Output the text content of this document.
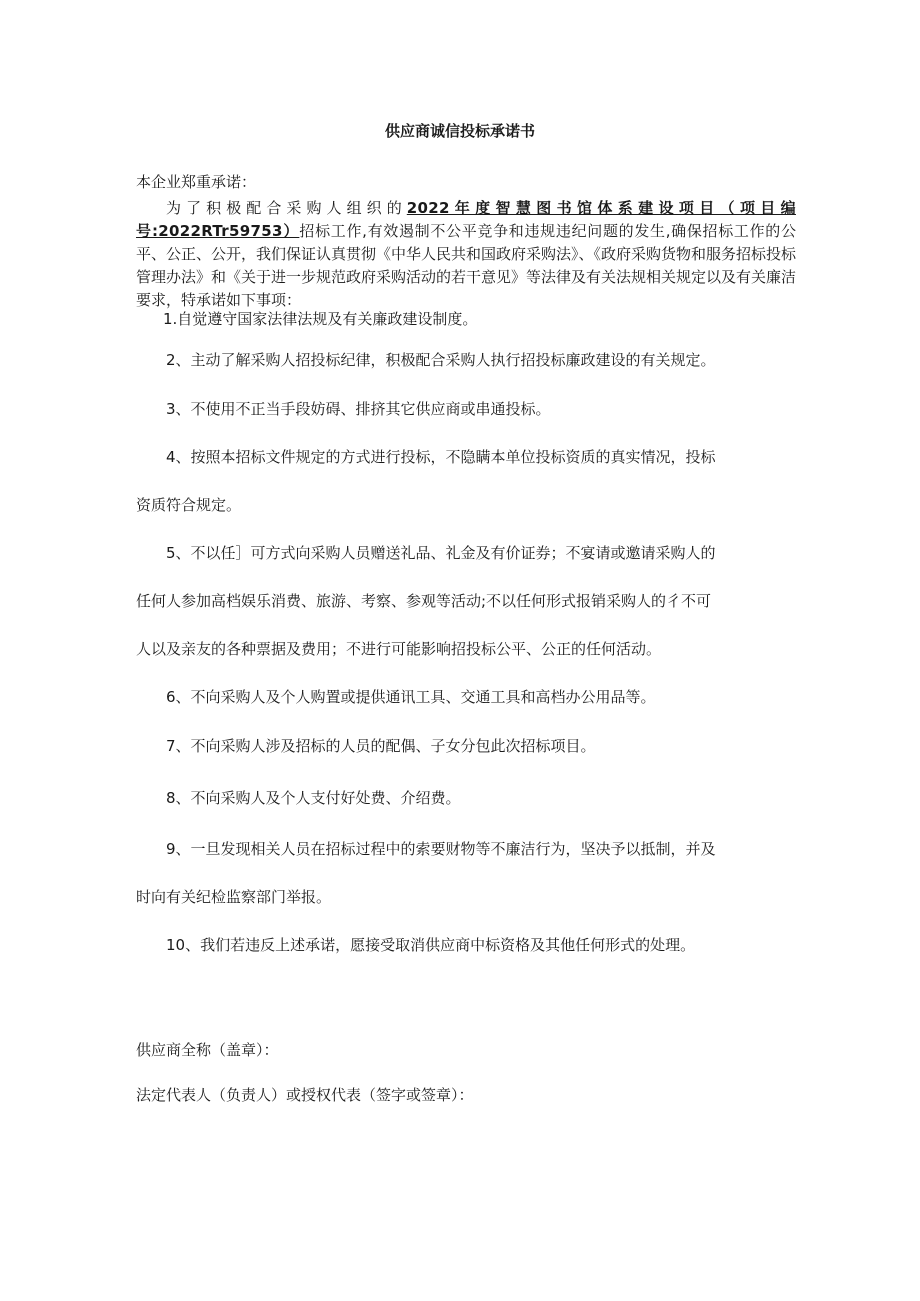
供应商诚信投标承诺书
本企业郑重承诺：
为了积极配合采购人组织的2022年度智慧图书馆体系建设项目（项目编号:2022RTr59753）招标工作,有效遏制不公平竞争和违规违纪问题的发生,确保招标工作的公平、公正、公开，我们保证认真贯彻《中华人民共和国政府采购法》、《政府采购货物和服务招标投标管理办法》和《关于进一步规范政府采购活动的若干意见》等法律及有关法规相关规定以及有关廉洁要求，特承诺如下事项：
1.自觉遵守国家法律法规及有关廉政建设制度。
2、主动了解采购人招投标纪律，积极配合采购人执行招投标廉政建设的有关规定。
3、不使用不正当手段妨碍、排挤其它供应商或串通投标。
4、按照本招标文件规定的方式进行投标，不隐瞒本单位投标资质的真实情况，投标
资质符合规定。
5、不以任］可方式向采购人员赠送礼品、礼金及有价证券；不宴请或邀请采购人的
任何人参加高档娱乐消费、旅游、考察、参观等活动;不以任何形式报销采购人的彳不可
人以及亲友的各种票据及费用；不进行可能影响招投标公平、公正的任何活动。
6、不向采购人及个人购置或提供通讯工具、交通工具和高档办公用品等。
7、不向采购人涉及招标的人员的配偶、子女分包此次招标项目。
8、不向采购人及个人支付好处费、介绍费。
9、一旦发现相关人员在招标过程中的索要财物等不廉洁行为，坚决予以抵制，并及
时向有关纪检监察部门举报。
10、我们若违反上述承诺，愿接受取消供应商中标资格及其他任何形式的处理。
供应商全称（盖章）：
法定代表人（负责人）或授权代表（签字或签章）：
